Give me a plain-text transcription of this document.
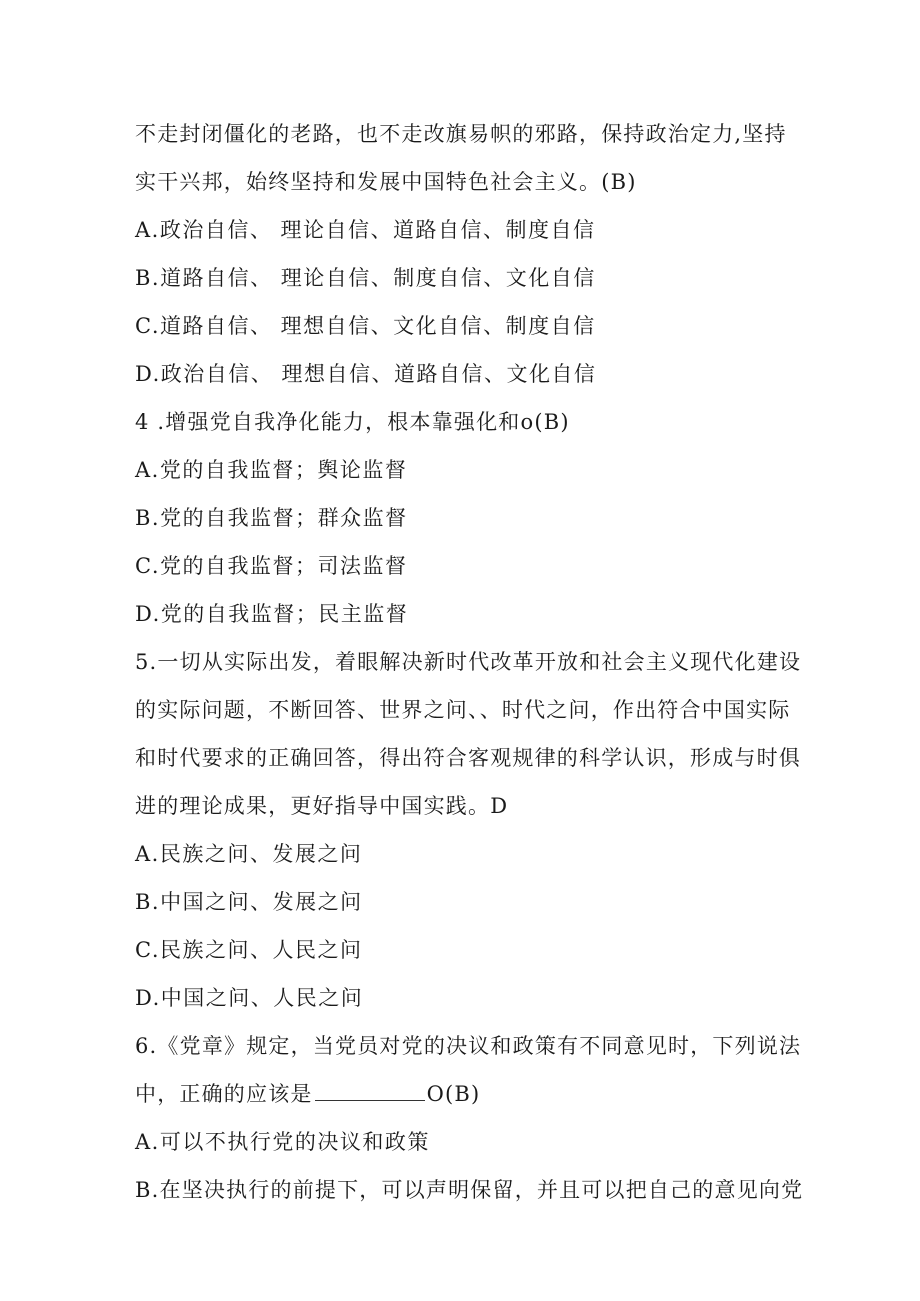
不走封闭僵化的老路，也不走改旗易帜的邪路，保持政治定力,坚持
实干兴邦，始终坚持和发展中国特色社会主义。(B)
A.政治自信、 理论自信、道路自信、制度自信
B.道路自信、 理论自信、制度自信、文化自信
C.道路自信、 理想自信、文化自信、制度自信
D.政治自信、 理想自信、道路自信、文化自信
4 .增强党自我净化能力，根本靠强化和o(B)
A.党的自我监督；舆论监督
B.党的自我监督；群众监督
C.党的自我监督；司法监督
D.党的自我监督；民主监督
5.一切从实际出发，着眼解决新时代改革开放和社会主义现代化建设
的实际问题，不断回答、世界之问、、时代之问，作出符合中国实际
和时代要求的正确回答，得出符合客观规律的科学认识，形成与时俱
进的理论成果，更好指导中国实践。D
A.民族之问、发展之问
B.中国之问、发展之问
C.民族之问、人民之问
D.中国之问、人民之问
6.《党章》规定，当党员对党的决议和政策有不同意见时，下列说法
中，正确的应该是	O(B)
A.可以不执行党的决议和政策
B.在坚决执行的前提下，可以声明保留，并且可以把自己的意见向党
